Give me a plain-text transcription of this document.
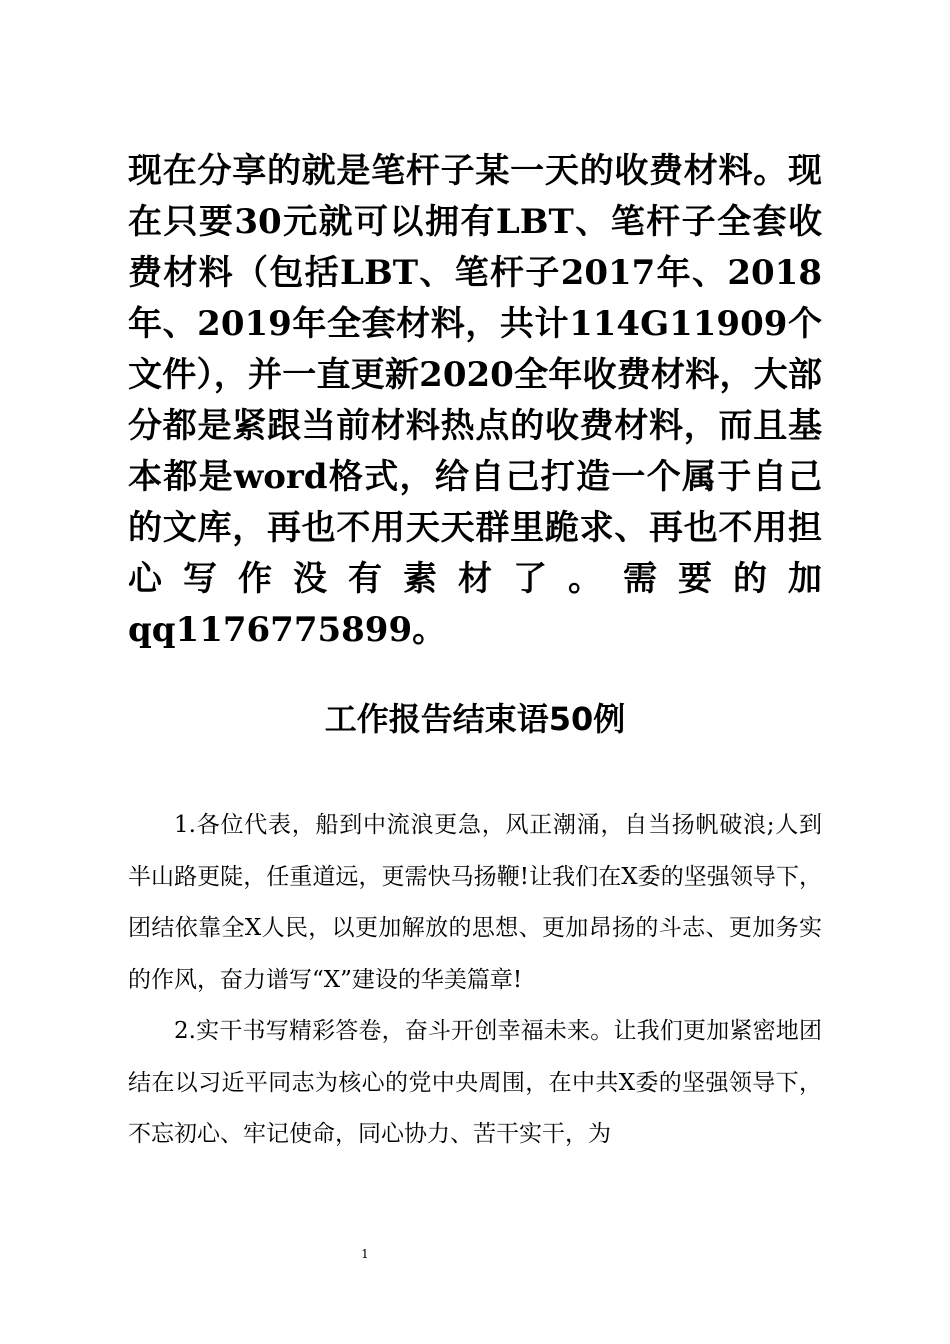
现在分享的就是笔杆子某一天的收费材料。现在只要30元就可以拥有LBT、笔杆子全套收费材料（包括LBT、笔杆子2017年、2018年、2019年全套材料，共计114G11909个文件），并一直更新2020全年收费材料，大部分都是紧跟当前材料热点的收费材料，而且基本都是word格式，给自己打造一个属于自己的文库，再也不用天天群里跪求、再也不用担心写作没有素材了。需要的加qq1176775899。

工作报告结束语50例

1.各位代表，船到中流浪更急，风正潮涌，自当扬帆破浪;人到半山路更陡，任重道远，更需快马扬鞭!让我们在X委的坚强领导下，团结依靠全X人民，以更加解放的思想、更加昂扬的斗志、更加务实的作风，奋力谱写“X”建设的华美篇章!

2.实干书写精彩答卷，奋斗开创幸福未来。让我们更加紧密地团结在以习近平同志为核心的党中央周围，在中共X委的坚强领导下，不忘初心、牢记使命，同心协力、苦干实干，为

1
